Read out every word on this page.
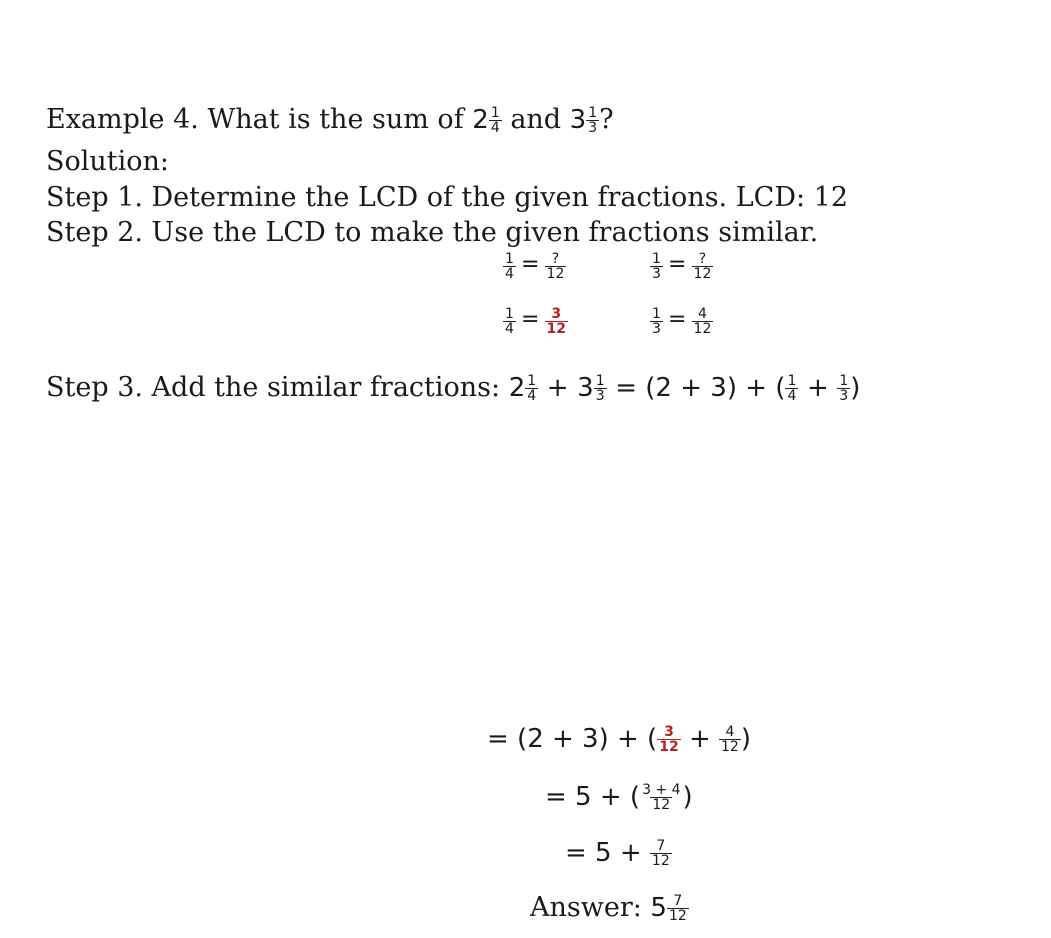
Example 4. What is the sum of $2 \frac{1}{4}$ and $3 \frac{1}{3}$ ?
Solution:
Step 1. Determine the LCD of the given fractions. LCD: 12
Step 2. Use the LCD to make the given fractions similar.
$\frac{1}{4} = \frac{?}{12}$	$\frac{1}{3} = \frac{?}{12}$
$\frac{1}{4} = \frac{3}{12}$	$\frac{1}{3} = \frac{4}{12}$
Step 3. Add the similar fractions: $2 \frac{1}{4} + 3 \frac{1}{3} = (2 + 3)$ + ( $\frac{1}{4} + \frac{1}{3}$ )
= (2 + 3) + ( $\frac{3}{12} + \frac{4}{12}$ )
= 5 + ( $\frac{3 + 4}{12}$ )
= $5 + \frac{7}{12}$
Answer: $5 \frac{7}{12}$
